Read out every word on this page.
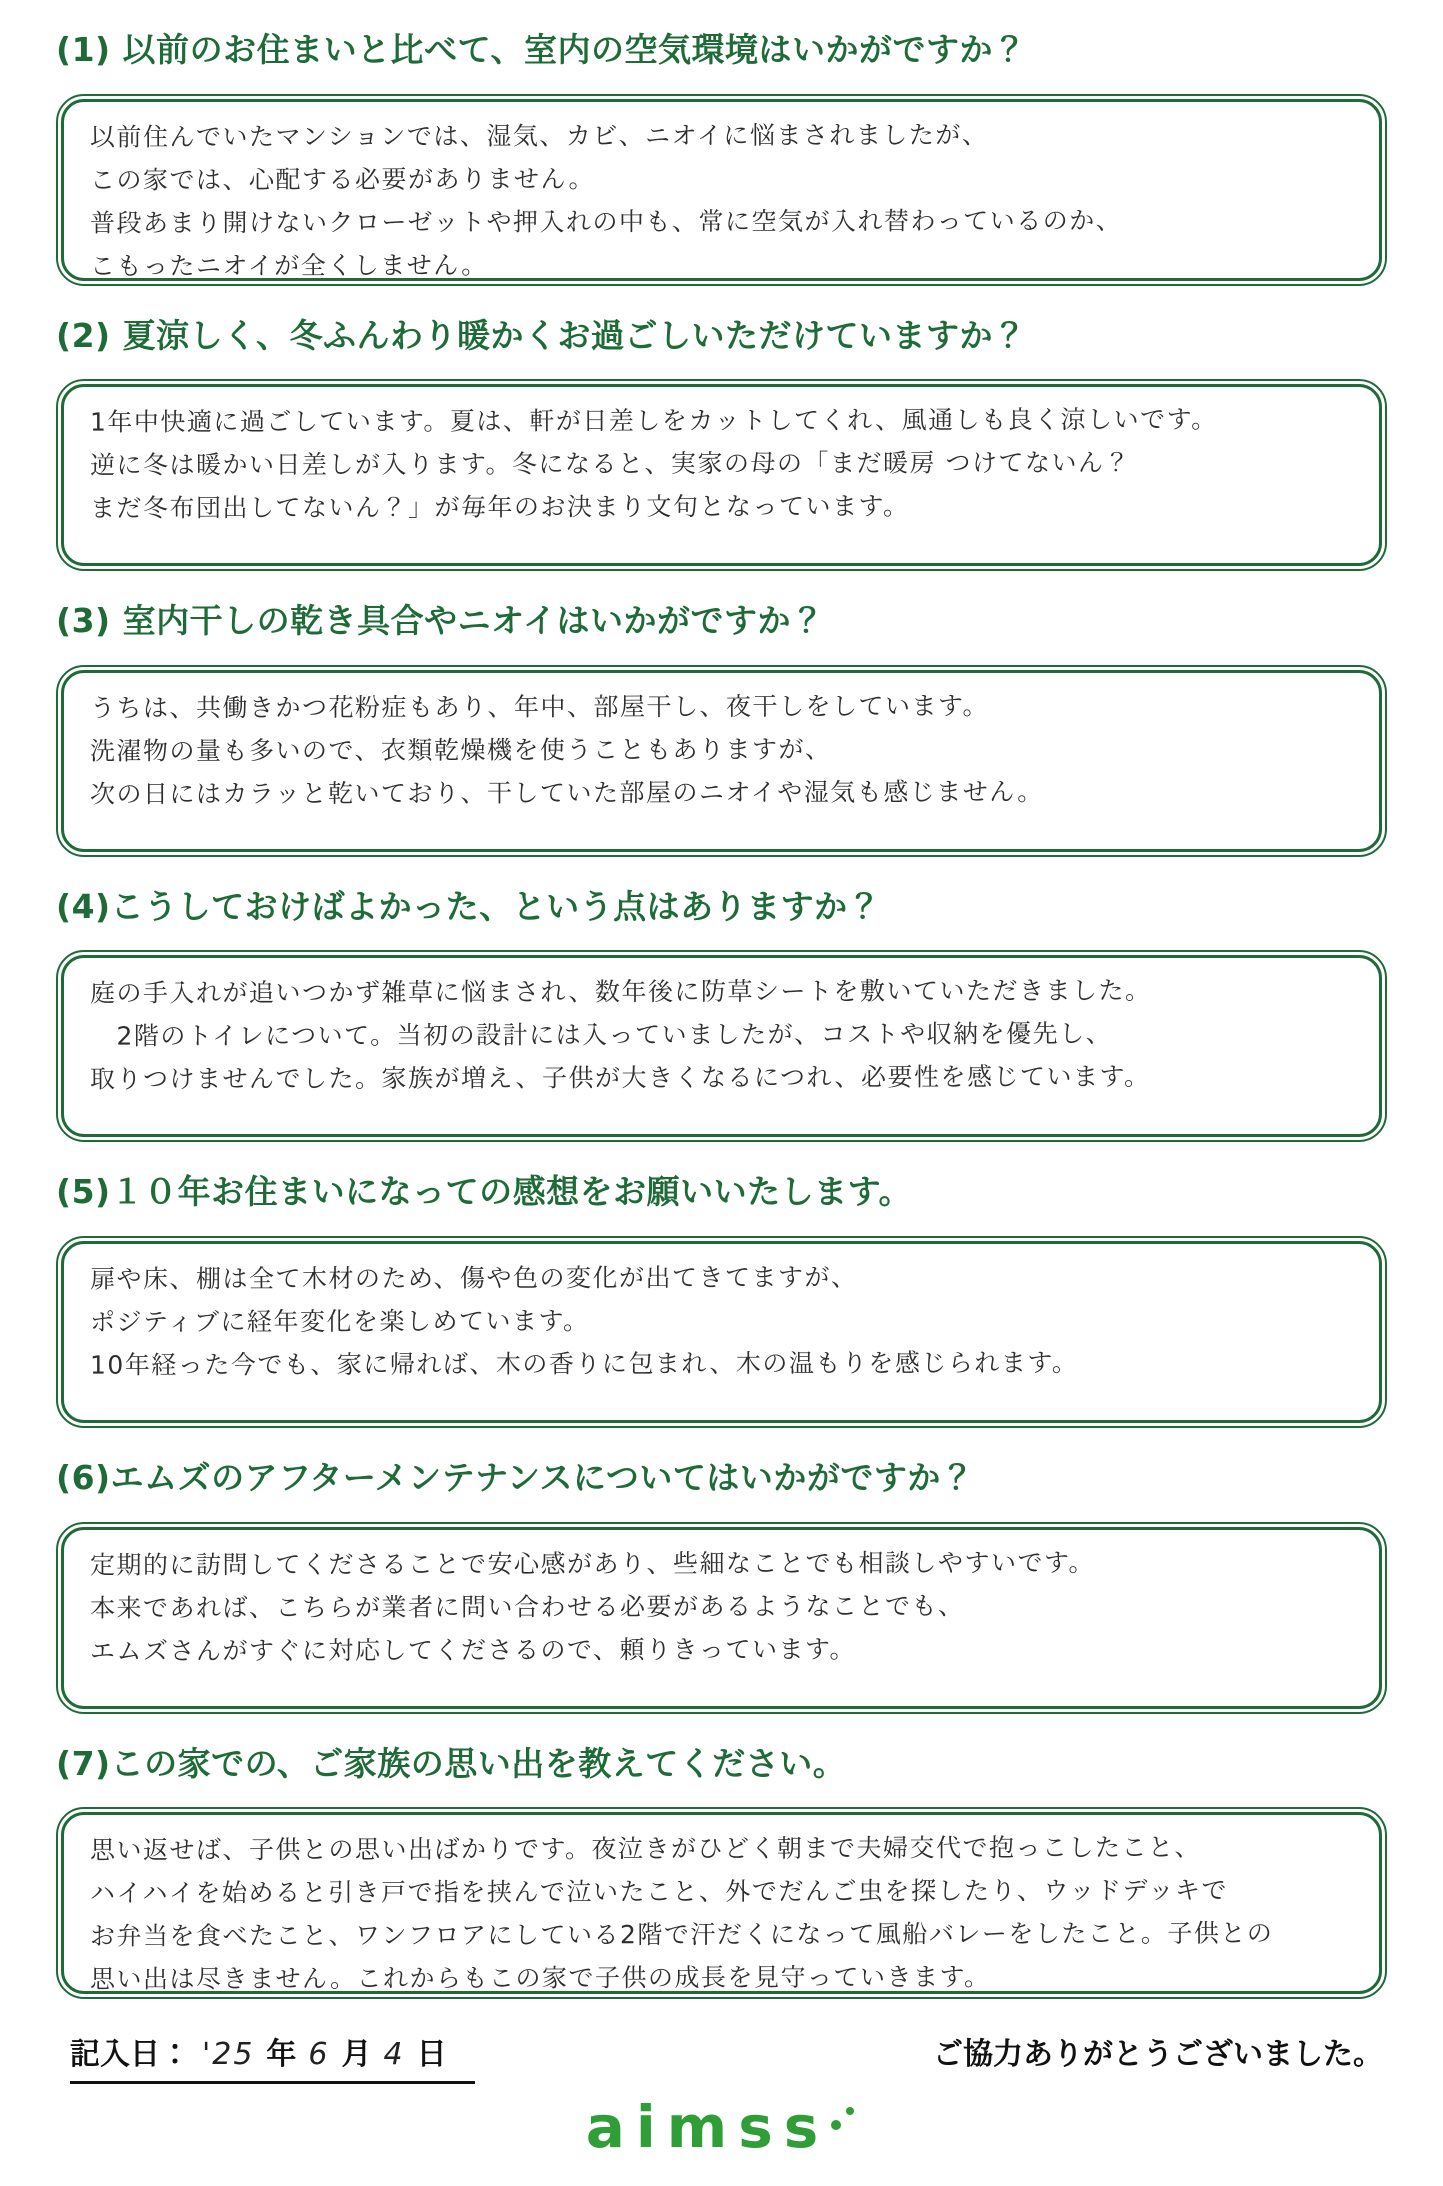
(1) 以前のお住まいと比べて、室内の空気環境はいかがですか？
以前住んでいたマンションでは、湿気、カビ、ニオイに悩まされましたが、
この家では、心配する必要がありません。
普段あまり開けないクローゼットや押入れの中も、常に空気が入れ替わっているのか、
こもったニオイが全くしません。
(2) 夏涼しく、冬ふんわり暖かくお過ごしいただけていますか？
1年中快適に過ごしています。夏は、軒が日差しをカットしてくれ、風通しも良く涼しいです。
逆に冬は暖かい日差しが入ります。冬になると、実家の母の「まだ暖房 つけてないん？
まだ冬布団出してないん？」が毎年のお決まり文句となっています。
(3) 室内干しの乾き具合やニオイはいかがですか？
うちは、共働きかつ花粉症もあり、年中、部屋干し、夜干しをしています。
洗濯物の量も多いので、衣類乾燥機を使うこともありますが、
次の日にはカラッと乾いており、干していた部屋のニオイや湿気も感じません。
(4)こうしておけばよかった、という点はありますか？
庭の手入れが追いつかず雑草に悩まされ、数年後に防草シートを敷いていただきました。
　2階のトイレについて。当初の設計には入っていましたが、コストや収納を優先し、
取りつけませんでした。家族が増え、子供が大きくなるにつれ、必要性を感じています。
(5)１０年お住まいになっての感想をお願いいたします。
扉や床、棚は全て木材のため、傷や色の変化が出てきてますが、
ポジティブに経年変化を楽しめています。
10年経った今でも、家に帰れば、木の香りに包まれ、木の温もりを感じられます。
(6)エムズのアフターメンテナンスについてはいかがですか？
定期的に訪問してくださることで安心感があり、些細なことでも相談しやすいです。
本来であれば、こちらが業者に問い合わせる必要があるようなことでも、
エムズさんがすぐに対応してくださるので、頼りきっています。
(7)この家での、ご家族の思い出を教えてください。
思い返せば、子供との思い出ばかりです。夜泣きがひどく朝まで夫婦交代で抱っこしたこと、
ハイハイを始めると引き戸で指を挟んで泣いたこと、外でだんご虫を探したり、ウッドデッキで
お弁当を食べたこと、ワンフロアにしている2階で汗だくになって風船バレーをしたこと。子供との
思い出は尽きません。これからもこの家で子供の成長を見守っていきます。
記入日： '25 年 6 月 4 日	ご協力ありがとうございました。
aimss
